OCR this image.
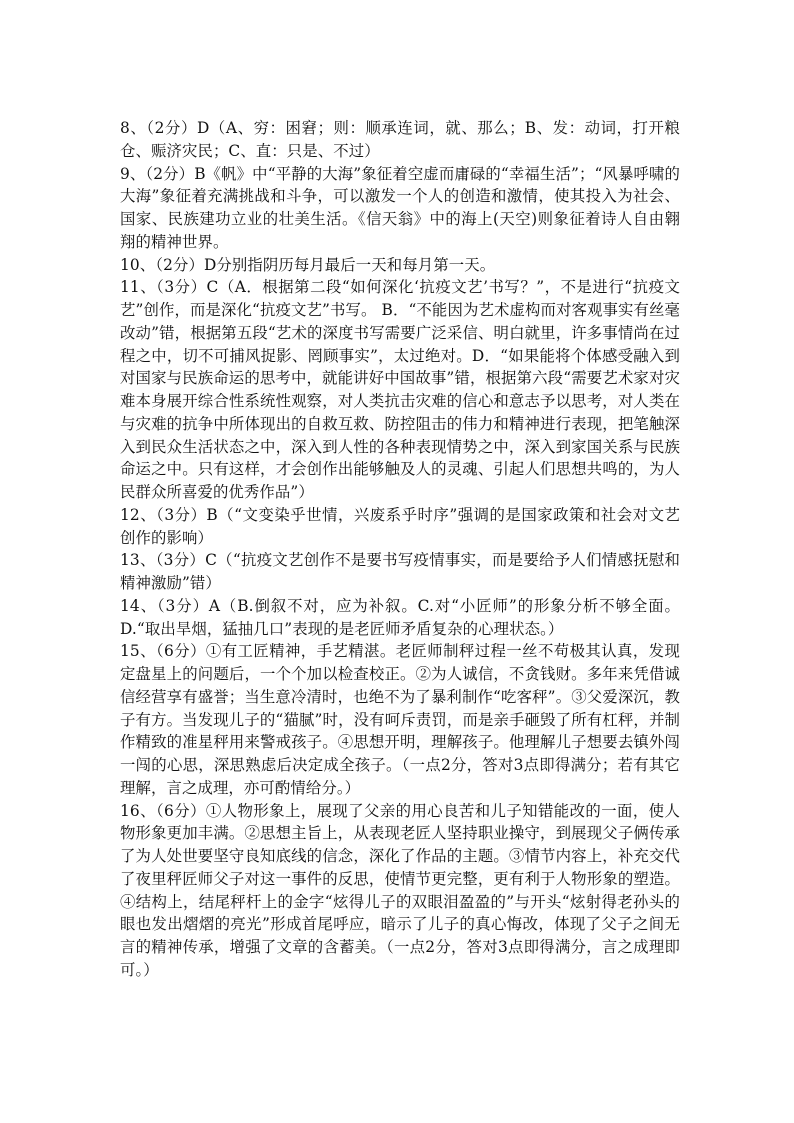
8、（2分）D（A、穷：困窘；则：顺承连词，就、那么；B、发：动词，打开粮仓、赈济灾民；C、直：只是、不过）

9、（2分）B《帆》中“平静的大海”象征着空虚而庸碌的“幸福生活”；“风暴呼啸的大海”象征着充满挑战和斗争，可以激发一个人的创造和激情，使其投入为社会、国家、民族建功立业的壮美生活。《信天翁》中的海上(天空)则象征着诗人自由翱翔的精神世界。

10、（2分）D分别指阴历每月最后一天和每月第一天。

11、（3分）C（A．根据第二段“如何深化‘抗疫文艺’书写？”，不是进行“抗疫文艺”创作，而是深化“抗疫文艺”书写。 B．“不能因为艺术虚构而对客观事实有丝毫改动”错，根据第五段“艺术的深度书写需要广泛采信、明白就里，许多事情尚在过程之中，切不可捕风捉影、罔顾事实”，太过绝对。D．“如果能将个体感受融入到对国家与民族命运的思考中，就能讲好中国故事”错，根据第六段“需要艺术家对灾难本身展开综合性系统性观察，对人类抗击灾难的信心和意志予以思考，对人类在与灾难的抗争中所体现出的自救互救、防控阻击的伟力和精神进行表现，把笔触深入到民众生活状态之中，深入到人性的各种表现情势之中，深入到家国关系与民族命运之中。只有这样，才会创作出能够触及人的灵魂、引起人们思想共鸣的，为人民群众所喜爱的优秀作品”）

12、（3分）B（“文变染乎世情，兴废系乎时序”强调的是国家政策和社会对文艺创作的影响）

13、（3分）C（“抗疫文艺创作不是要书写疫情事实，而是要给予人们情感抚慰和精神激励”错）

14、（3分）A（B.倒叙不对，应为补叙。C.对“小匠师”的形象分析不够全面。D.“取出旱烟，猛抽几口”表现的是老匠师矛盾复杂的心理状态。）

15、（6分）①有工匠精神，手艺精湛。老匠师制秤过程一丝不苟极其认真，发现定盘星上的问题后，一个个加以检查校正。②为人诚信，不贪钱财。多年来凭借诚信经营享有盛誉；当生意冷清时，也绝不为了暴利制作“吃客秤”。③父爱深沉，教子有方。当发现儿子的“猫腻”时，没有呵斥责罚，而是亲手砸毁了所有杠秤，并制作精致的准星秤用来警戒孩子。④思想开明，理解孩子。他理解儿子想要去镇外闯一闯的心思，深思熟虑后决定成全孩子。（一点2分，答对3点即得满分；若有其它理解，言之成理，亦可酌情给分。）

16、（6分）①人物形象上，展现了父亲的用心良苦和儿子知错能改的一面，使人物形象更加丰满。②思想主旨上，从表现老匠人坚持职业操守，到展现父子俩传承了为人处世要坚守良知底线的信念，深化了作品的主题。③情节内容上，补充交代了夜里秤匠师父子对这一事件的反思，使情节更完整，更有利于人物形象的塑造。④结构上，结尾秤杆上的金字“炫得儿子的双眼泪盈盈的”与开头“炫射得老孙头的眼也发出熠熠的亮光”形成首尾呼应，暗示了儿子的真心悔改，体现了父子之间无言的精神传承，增强了文章的含蓄美。（一点2分，答对3点即得满分，言之成理即可。）
